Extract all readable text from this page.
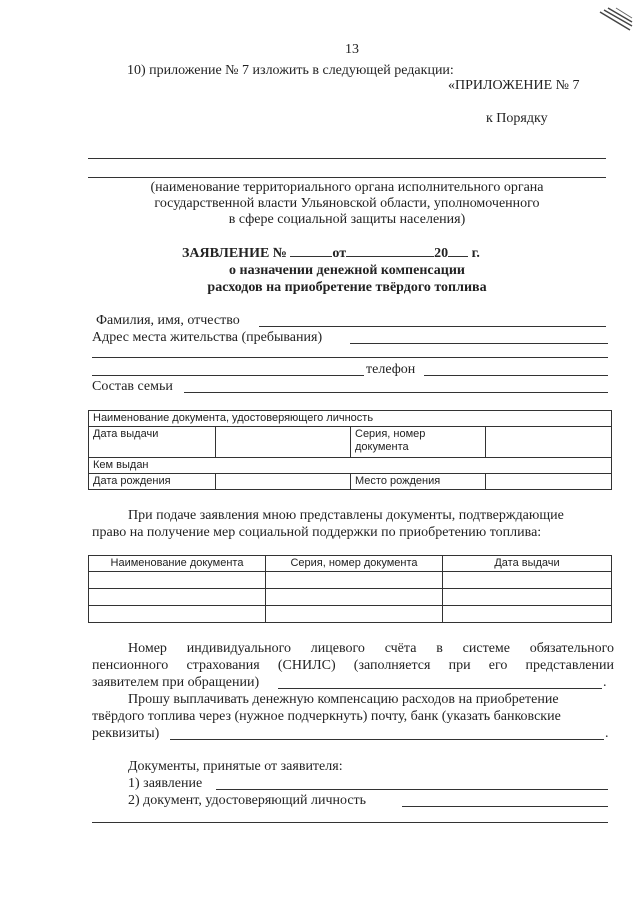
13
10) приложение № 7 изложить в следующей редакции:
«ПРИЛОЖЕНИЕ № 7
к Порядку
(наименование территориального органа исполнительного органа
государственной власти Ульяновской области, уполномоченного
в сфере социальной защиты населения)
ЗАЯВЛЕНИЕ №	от	20 г.
о назначении денежной компенсации
расходов на приобретение твёрдого топлива
Фамилия, имя, отчество
Адрес места жительства (пребывания)
телефон
Состав семьи
Наименование документа, удостоверяющего личность			
Дата выдачи		Серия, номер документа	
Кем выдан			
Дата рождения		Место рождения	
При подаче заявления мною представлены документы, подтверждающие
право на получение мер социальной поддержки по приобретению топлива:
Наименование документа	Серия, номер документа	Дата выдачи

Номер индивидуального лицевого счёта в системе обязательного
пенсионного страхования (СНИЛС) (заполняется при его представлении
заявителем при обращении)	.
Прошу выплачивать денежную компенсацию расходов на приобретение
твёрдого топлива через (нужное подчеркнуть) почту, банк (указать банковские
реквизиты)	.
Документы, принятые от заявителя:
1) заявление
2) документ, удостоверяющий личность
